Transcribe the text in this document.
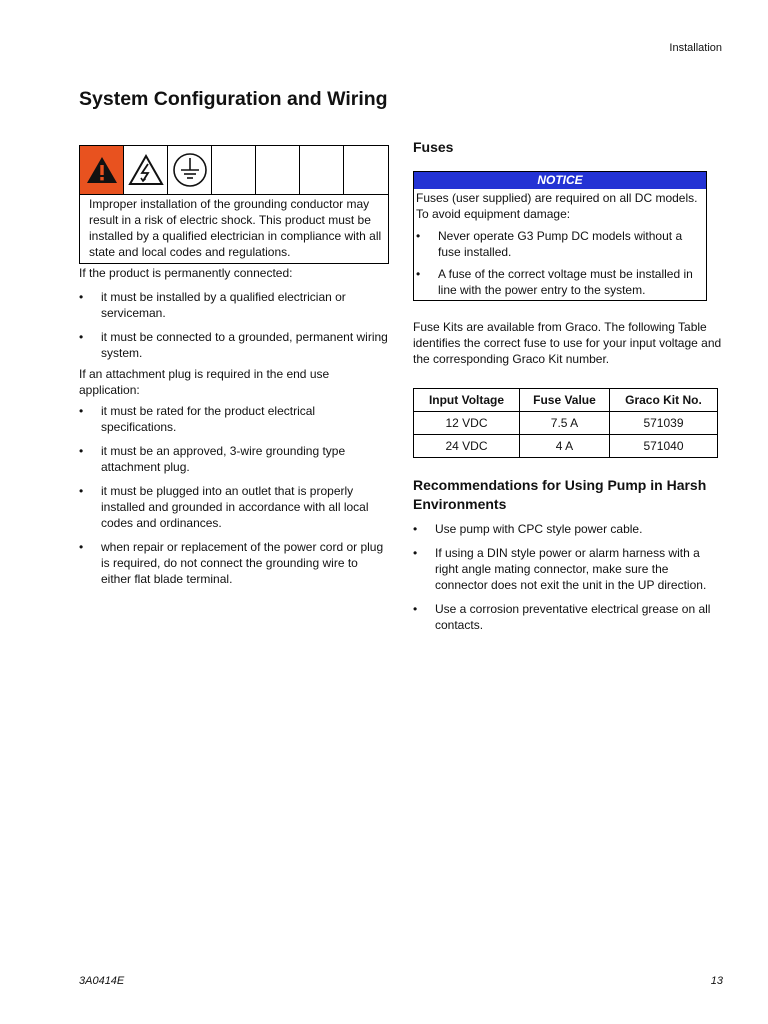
Installation
System Configuration and Wiring
Improper installation of the grounding conductor may result in a risk of electric shock. This product must be installed by a qualified electrician in compliance with all state and local codes and regulations.

If the product is permanently connected:

• it must be installed by a qualified electrician or serviceman.
• it must be connected to a grounded, permanent wiring system.

If an attachment plug is required in the end use application:

• it must be rated for the product electrical specifications.
• it must be an approved, 3-wire grounding type attachment plug.
• it must be plugged into an outlet that is properly installed and grounded in accordance with all local codes and ordinances.
• when repair or replacement of the power cord or plug is required, do not connect the grounding wire to either flat blade terminal.
Fuses
NOTICE

Fuses (user supplied) are required on all DC models. To avoid equipment damage:

• Never operate G3 Pump DC models without a fuse installed.
• A fuse of the correct voltage must be installed in line with the power entry to the system.

Fuse Kits are available from Graco. The following Table identifies the correct fuse to use for your input voltage and the corresponding Graco Kit number.

Input Voltage	Fuse Value	Graco Kit No.
12 VDC	7.5 A	571039
24 VDC	4 A	571040
Recommendations for Using Pump in Harsh Environments
• Use pump with CPC style power cable.
• If using a DIN style power or alarm harness with a right angle mating connector, make sure the connector does not exit the unit in the UP direction.
• Use a corrosion preventative electrical grease on all contacts.
3A0414E	13
